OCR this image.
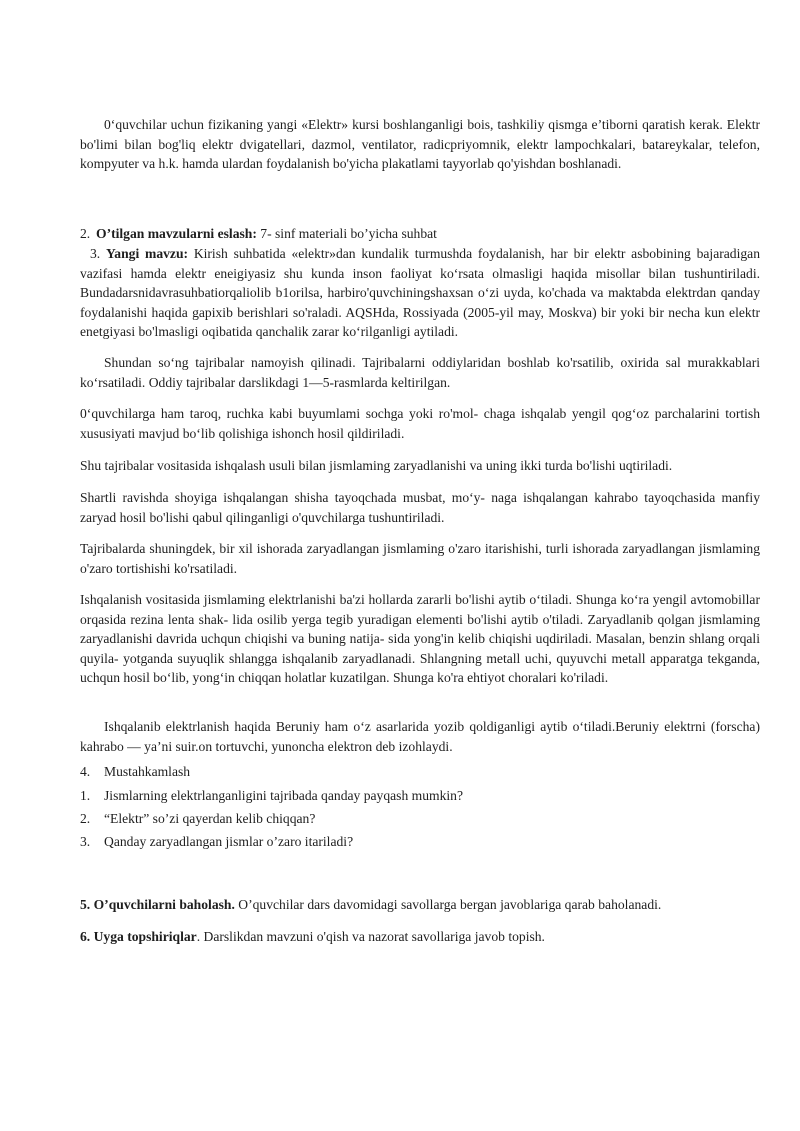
0‘quvchilar uchun fizikaning yangi «Elektr» kursi boshlanganligi bois, tashkiliy qismga e’tiborni qaratish kerak. Elektr bo'limi bilan bog'liq elektr dvigatellari, dazmol, ventilator, radicpriyomnik, elektr lampochkalari, batareykalar, telefon, kompyuter va h.k. hamda ulardan foydalanish bo'yicha plakatlami tayyorlab qo'yishdan boshlanadi.

2. O’tilgan mavzularni eslash: 7- sinf materiali bo’yicha suhbat

3. Yangi mavzu: Kirish suhbatida «elektr»dan kundalik turmushda foydalanish, har bir elektr asbobining bajaradigan vazifasi hamda elektr eneigiyasiz shu kunda inson faoliyat ko‘rsata olmasligi haqida misollar bilan tushuntiriladi. Bundadarsnidavrasuhbatiorqaliolib b1orilsa, harbiro'quvchiningshaxsan o‘zi uyda, ko'chada va maktabda elektrdan qanday foydalanishi haqida gapixib berishlari so'raladi. AQSHda, Rossiyada (2005-yil may, Moskva) bir yoki bir necha kun elektr enetgiyasi bo'lmasligi oqibatida qanchalik zarar ko‘rilganligi aytiladi.

Shundan so‘ng tajribalar namoyish qilinadi. Tajribalarni oddiylaridan boshlab ko'rsatilib, oxirida sal murakkablari ko‘rsatiladi. Oddiy tajribalar darslikdagi 1—5-rasmlarda keltirilgan.

0‘quvchilarga ham taroq, ruchka kabi buyumlami sochga yoki ro'mol- chaga ishqalab yengil qog‘oz parchalarini tortish xususiyati mavjud bo‘lib qolishiga ishonch hosil qildiriladi.

Shu tajribalar vositasida ishqalash usuli bilan jismlaming zaryadlanishi va uning ikki turda bo'lishi uqtiriladi.

Shartli ravishda shoyiga ishqalangan shisha tayoqchada musbat, mo‘y- naga ishqalangan kahrabo tayoqchasida manfiy zaryad hosil bo'lishi qabul qilinganligi o'quvchilarga tushuntiriladi.

Tajribalarda shuningdek, bir xil ishorada zaryadlangan jismlaming o'zaro itarishishi, turli ishorada zaryadlangan jismlaming o'zaro tortishishi ko'rsatiladi.

Ishqalanish vositasida jismlaming elektrlanishi ba'zi hollarda zararli bo'lishi aytib o‘tiladi. Shunga ko‘ra yengil avtomobillar orqasida rezina lenta shak- lida osilib yerga tegib yuradigan elementi bo'lishi aytib o'tiladi. Zaryadlanib qolgan jismlaming zaryadlanishi davrida uchqun chiqishi va buning natija- sida yong'in kelib chiqishi uqdiriladi. Masalan, benzin shlang orqali quyila- yotganda suyuqlik shlangga ishqalanib zaryadlanadi. Shlangning metall uchi, quyuvchi metall apparatga tekganda, uchqun hosil bo‘lib, yong‘in chiqqan holatlar kuzatilgan. Shunga ko'ra ehtiyot choralari ko'riladi.

Ishqalanib elektrlanish haqida Beruniy ham o‘z asarlarida yozib qoldiganligi aytib o‘tiladi.Beruniy elektrni (forscha) kahrabo — ya’ni suir.on tortuvchi, yunoncha elektron deb izohlaydi.

4. Mustahkamlash

1. Jismlarning elektrlanganligini tajribada qanday payqash mumkin?

2. “Elektr” so’zi qayerdan kelib chiqqan?

3. Qanday zaryadlangan jismlar o’zaro itariladi?

5. O’quvchilarni baholash. O’quvchilar dars davomidagi savollarga bergan javoblariga qarab baholanadi.

6. Uyga topshiriqlar. Darslikdan mavzuni o'qish va nazorat savollariga javob topish.
